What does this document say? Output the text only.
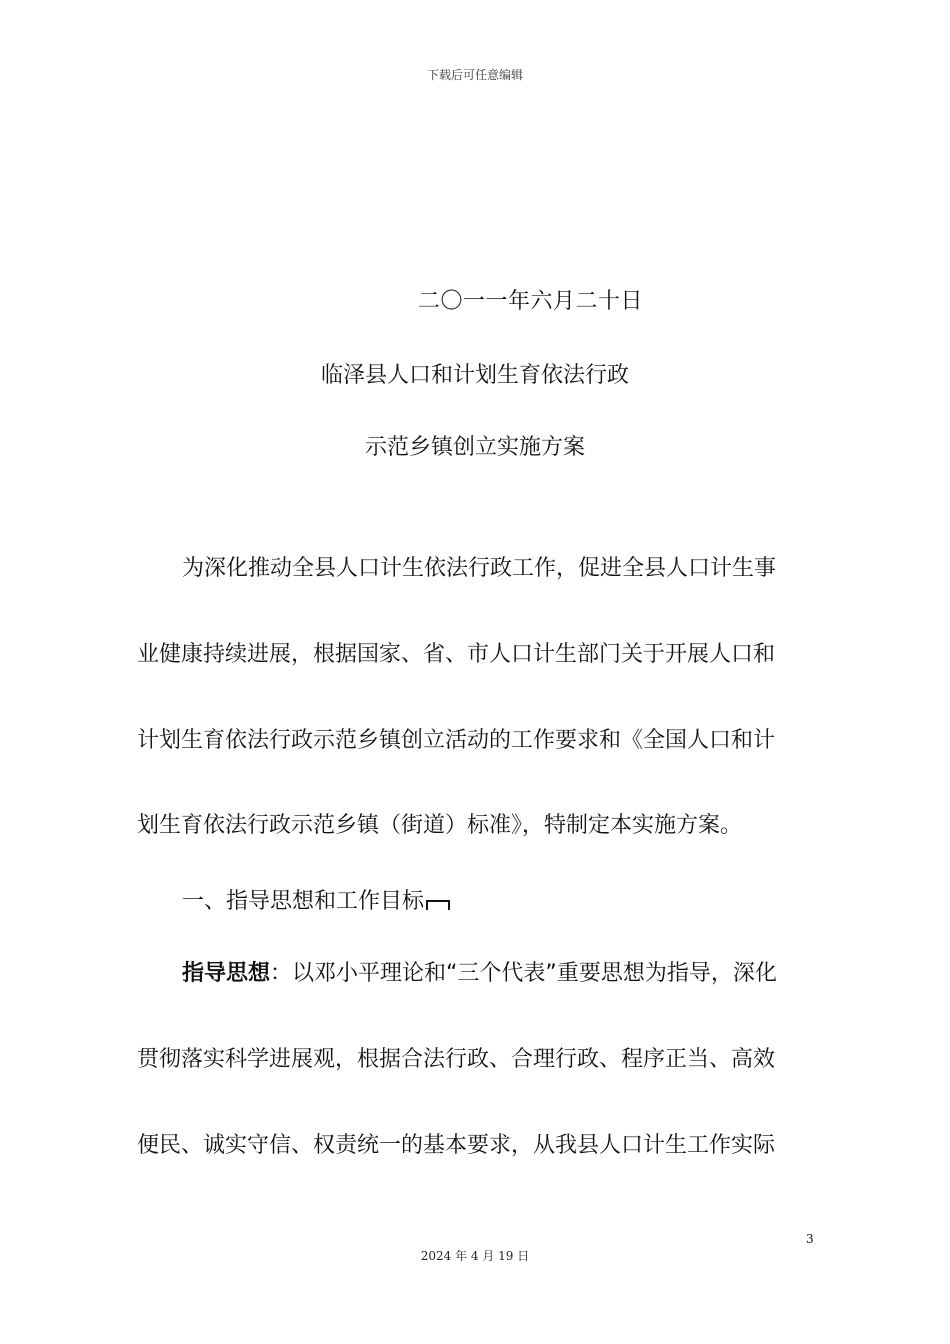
下载后可任意编辑
二〇一一年六月二十日
临泽县人口和计划生育依法行政
示范乡镇创立实施方案
为深化推动全县人口计生依法行政工作，促进全县人口计生事
业健康持续进展，根据国家、省、市人口计生部门关于开展人口和
计划生育依法行政示范乡镇创立活动的工作要求和《全国人口和计
划生育依法行政示范乡镇（街道）标准》，特制定本实施方案。
一、指导思想和工作目标
指导思想：以邓小平理论和“三个代表”重要思想为指导，深化
贯彻落实科学进展观，根据合法行政、合理行政、程序正当、高效
便民、诚实守信、权责统一的基本要求，从我县人口计生工作实际
3
2024 年 4 月 19 日
